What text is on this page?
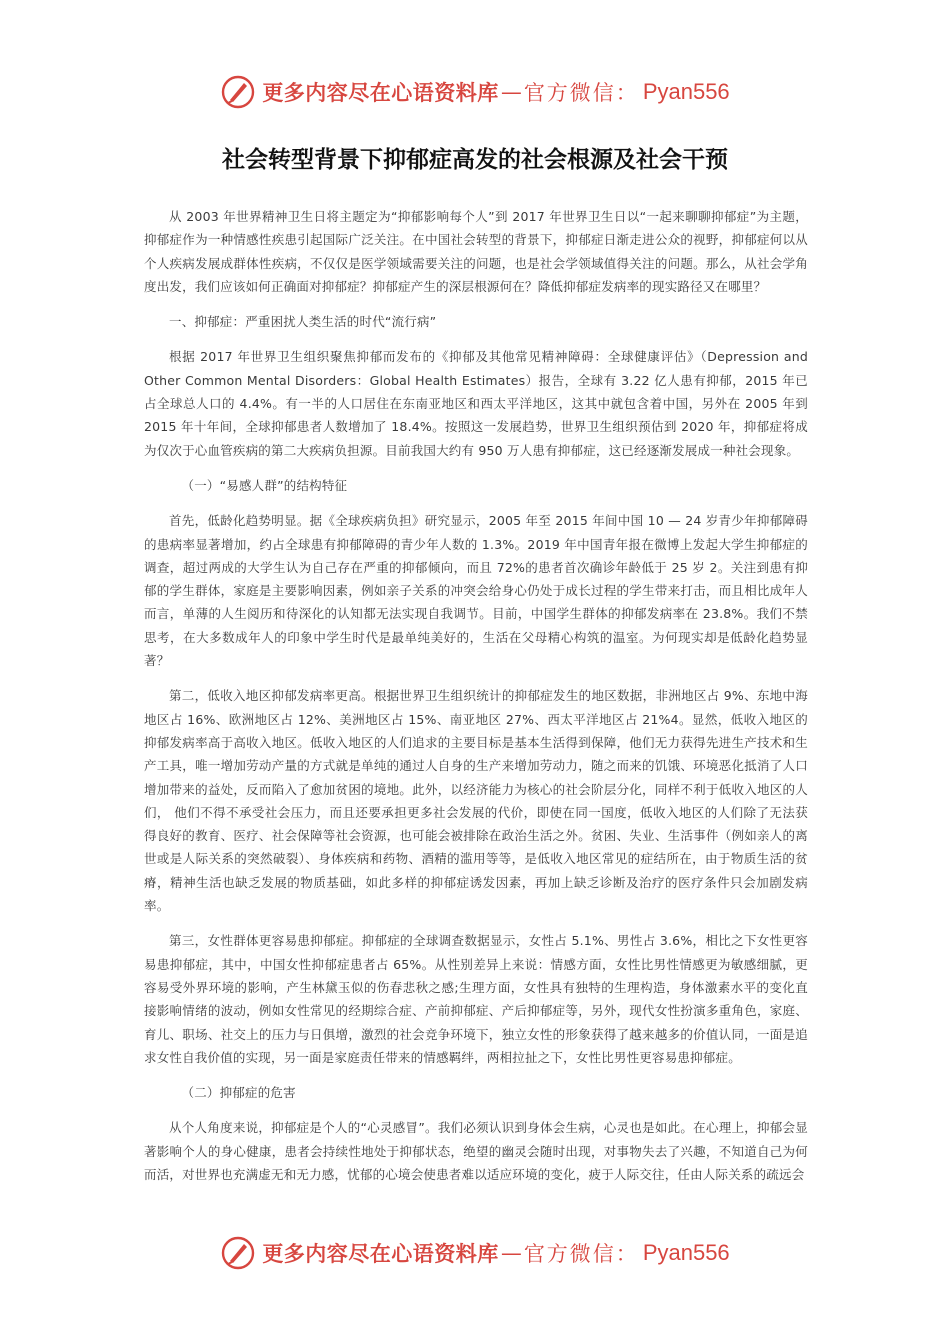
更多内容尽在心语资料库 — 官方微信： Pyan556
社会转型背景下抑郁症高发的社会根源及社会干预

从 2003 年世界精神卫生日将主题定为“抑郁影响每个人”到 2017 年世界卫生日以“一起来聊聊抑郁症”为主题，抑郁症作为一种情感性疾患引起国际广泛关注。在中国社会转型的背景下，抑郁症日渐走进公众的视野，抑郁症何以从个人疾病发展成群体性疾病，不仅仅是医学领域需要关注的问题，也是社会学领域值得关注的问题。那么，从社会学角度出发，我们应该如何正确面对抑郁症？抑郁症产生的深层根源何在？降低抑郁症发病率的现实路径又在哪里？

一、抑郁症：严重困扰人类生活的时代“流行病”

根据 2017 年世界卫生组织聚焦抑郁而发布的《抑郁及其他常见精神障碍：全球健康评估》（Depression and Other Common Mental Disorders：Global Health Estimates）报告，全球有 3.22 亿人患有抑郁，2015 年已占全球总人口的 4.4%。有一半的人口居住在东南亚地区和西太平洋地区，这其中就包含着中国，另外在 2005 年到 2015 年十年间，全球抑郁患者人数增加了 18.4%。按照这一发展趋势，世界卫生组织预估到 2020 年，抑郁症将成为仅次于心血管疾病的第二大疾病负担源。目前我国大约有 950 万人患有抑郁症，这已经逐渐发展成一种社会现象。

（一）“易感人群”的结构特征

首先，低龄化趋势明显。据《全球疾病负担》研究显示，2005 年至 2015 年间中国 10 — 24 岁青少年抑郁障碍的患病率显著增加，约占全球患有抑郁障碍的青少年人数的 1.3%。2019 年中国青年报在微博上发起大学生抑郁症的调查，超过两成的大学生认为自己存在严重的抑郁倾向，而且 72%的患者首次确诊年龄低于 25 岁 2。关注到患有抑郁的学生群体，家庭是主要影响因素，例如亲子关系的冲突会给身心仍处于成长过程的学生带来打击，而且相比成年人而言，单薄的人生阅历和待深化的认知都无法实现自我调节。目前，中国学生群体的抑郁发病率在 23.8%。我们不禁思考，在大多数成年人的印象中学生时代是最单纯美好的，生活在父母精心构筑的温室。为何现实却是低龄化趋势显著？

第二，低收入地区抑郁发病率更高。根据世界卫生组织统计的抑郁症发生的地区数据，非洲地区占 9%、东地中海地区占 16%、欧洲地区占 12%、美洲地区占 15%、南亚地区 27%、西太平洋地区占 21%4。显然，低收入地区的抑郁发病率高于高收入地区。低收入地区的人们追求的主要目标是基本生活得到保障，他们无力获得先进生产技术和生产工具，唯一增加劳动产量的方式就是单纯的通过人自身的生产来增加劳动力，随之而来的饥饿、环境恶化抵消了人口增加带来的益处，反而陷入了愈加贫困的境地。此外，以经济能力为核心的社会阶层分化，同样不利于低收入地区的人们， 他们不得不承受社会压力，而且还要承担更多社会发展的代价，即使在同一国度，低收入地区的人们除了无法获得良好的教育、医疗、社会保障等社会资源，也可能会被排除在政治生活之外。贫困、失业、生活事件（例如亲人的离世或是人际关系的突然破裂）、身体疾病和药物、酒精的滥用等等，是低收入地区常见的症结所在，由于物质生活的贫瘠，精神生活也缺乏发展的物质基础，如此多样的抑郁症诱发因素，再加上缺乏诊断及治疗的医疗条件只会加剧发病率。

第三，女性群体更容易患抑郁症。抑郁症的全球调查数据显示，女性占 5.1%、男性占 3.6%，相比之下女性更容易患抑郁症，其中，中国女性抑郁症患者占 65%。从性别差异上来说：情感方面，女性比男性情感更为敏感细腻，更容易受外界环境的影响，产生林黛玉似的伤春悲秋之感;生理方面，女性具有独特的生理构造，身体激素水平的变化直接影响情绪的波动，例如女性常见的经期综合症、产前抑郁症、产后抑郁症等，另外，现代女性扮演多重角色，家庭、育儿、职场、社交上的压力与日俱增，激烈的社会竞争环境下，独立女性的形象获得了越来越多的价值认同，一面是追求女性自我价值的实现，另一面是家庭责任带来的情感羁绊，两相拉扯之下，女性比男性更容易患抑郁症。

（二）抑郁症的危害

从个人角度来说，抑郁症是个人的“心灵感冒”。我们必须认识到身体会生病，心灵也是如此。在心理上，抑郁会显著影响个人的身心健康，患者会持续性地处于抑郁状态，绝望的幽灵会随时出现，对事物失去了兴趣，不知道自己为何而活，对世界也充满虚无和无力感，忧郁的心境会使患者难以适应环境的变化，疲于人际交往，任由人际关系的疏远会

更多内容尽在心语资料库 — 官方微信： Pyan556
